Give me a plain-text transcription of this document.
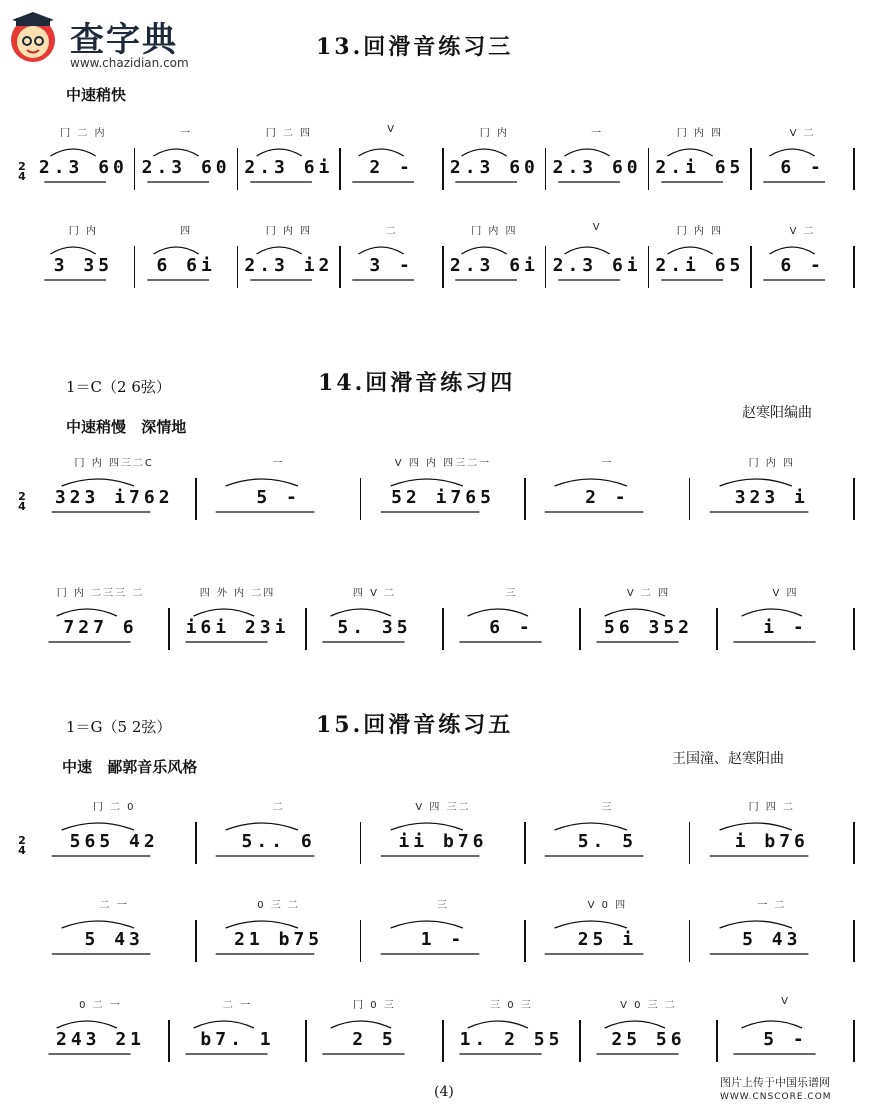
查字典
www.chazidian.com
13.回滑音练习三
中速稍快
2
4
冂 二 内
2.3 60
一
2.3 60
冂 二 四
2.3 6i
V
2 -
冂 内
2.3 60
一
2.3 60
冂 内 四
2.i 65
V 二
6 -
冂 内
3 35
四
6 6i
冂 内 四
2.3 i2
二
3 -
冂 内 四
2.3 6i
V
2.3 6i
冂 内 四
2.i 65
V 二
6 -
1＝C（2 6弦）	14.回滑音练习四
赵寒阳编曲
中速稍慢 深情地
2
4
冂 内 四三二C
323 i762
一
5 -
V 四 内 四三二一
52 i765
一
2 -
冂 内 四
323 i
冂 内 二三三 二
727 6
四 外 内 二四
i6i 23i
四 V 二
5. 35
三
6 -
V 二 四
56 352
V 四
i -
1＝G（5 2弦）	15.回滑音练习五
王国潼、赵寒阳曲
中速 鄙郭音乐风格
2
4
冂 二 0
565 42
二
5.. 6
V 四 三二
ii b76
三
5. 5
冂 四 二
i b76
二 一
5 43
0 三 二
21 b75
三
1 -
V 0 四
25 i
一 二
5 43
0 二 一
243 21
二 一
b7. 1
冂 0 三
2 5
三 0 三
1. 2 55
V 0 三 二
25 56
V
5 -
(4)
图片上传于中国乐谱网
WWW.CNSCORE.COM
